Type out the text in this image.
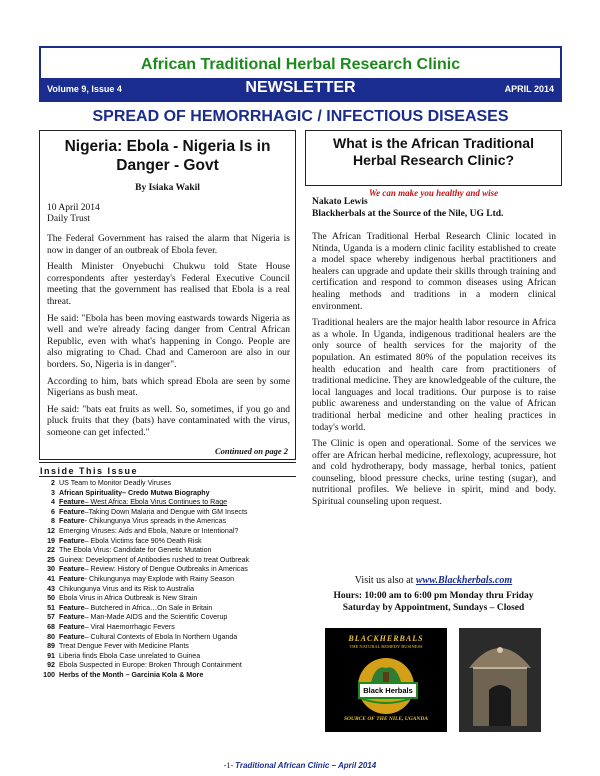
African Traditional Herbal Research Clinic
Volume 9, Issue 4	NEWSLETTER	APRIL 2014
SPREAD OF HEMORRHAGIC / INFECTIOUS DISEASES
Nigeria: Ebola - Nigeria Is in Danger - Govt
By Isiaka Wakil
10 April 2014
Daily Trust

The Federal Government has raised the alarm that Nigeria is now in danger of an outbreak of Ebola fever.

Health Minister Onyebuchi Chukwu told State House correspondents after yesterday's Federal Executive Council meeting that the government has realised that Ebola is a real threat.

He said: "Ebola has been moving eastwards towards Nigeria as well and we're already facing danger from Central African Republic, even with what's happening in Congo. People are also migrating to Chad. Chad and Cameroon are also in our borders. So, Nigeria is in danger".

According to him, bats which spread Ebola are seen by some Nigerians as bush meat.

He said: "bats eat fruits as well. So, sometimes, if you go and pluck fruits that they (bats) have contaminated with the virus, someone can get infected."

Continued on page 2
Inside This Issue
2 US Team to Monitor Deadly Viruses
3 African Spirituality – Credo Mutwa Biography
4 Feature – West Africa: Ebola Virus Continues to Rage
6 Feature –Taking Down Malaria and Dengue with GM Insects
8 Feature - Chikungunya Virus spreads in the Americas
12 Emerging Viruses: Aids and Ebola, Nature or Intentional?
19 Feature – Ebola Victims face 90% Death Risk
22 The Ebola Virus: Candidate for Genetic Mutation
25 Guinea: Development of Antibodies rushed to treat Outbreak
30 Feature – Review: History of Dengue Outbreaks in Americas
41 Feature - Chikungunya may Explode with Rainy Season
43 Chikungunya Virus and its Risk to Australia
50 Ebola Virus in Africa Outbreak is New Strain
51 Feature – Butchered in Africa…On Sale in Britain
57 Feature – Man-Made AIDS and the Scientific Coverup
68 Feature – Viral Haemorrhagic Fevers
80 Feature – Cultural Contexts of Ebola In Northern Uganda
89 Treat Dengue Fever with Medicine Plants
91 Liberia finds Ebola Case unrelated to Guinea
92 Ebola Suspected in Europe: Broken Through Containment
100 Herbs of the Month – Garcinia Kola & More
What is the African Traditional Herbal Research Clinic?
We can make you healthy and wise
Nakato Lewis
Blackherbals at the Source of the Nile, UG Ltd.

The African Traditional Herbal Research Clinic located in Ntinda, Uganda is a modern clinic facility established to create a model space whereby indigenous herbal practitioners and healers can upgrade and update their skills through training and certification and respond to common diseases using African healing methods and traditions in a modern clinical environment.

Traditional healers are the major health labor resource in Africa as a whole. In Uganda, indigenous traditional healers are the only source of health services for the majority of the population. An estimated 80% of the population receives its health education and health care from practitioners of traditional medicine. They are knowledgeable of the culture, the local languages and local traditions. Our purpose is to raise public awareness and understanding on the value of African traditional herbal medicine and other healing practices in today's world.

The Clinic is open and operational. Some of the services we offer are African herbal medicine, reflexology, acupressure, hot and cold hydrotherapy, body massage, herbal tonics, patient counseling, blood pressure checks, urine testing (sugar), and nutritional profiles. We believe in spirit, mind and body. Spiritual counseling upon request.

Visit us also at www.Blackherbals.com
Hours: 10:00 am to 6:00 pm Monday thru Friday
Saturday by Appointment, Sundays – Closed
BLACKHERBALS
THE NATURAL REMEDY BUSINESS
Black Herbals
SOURCE OF THE NILE, UGANDA
-1- Traditional African Clinic – April 2014
